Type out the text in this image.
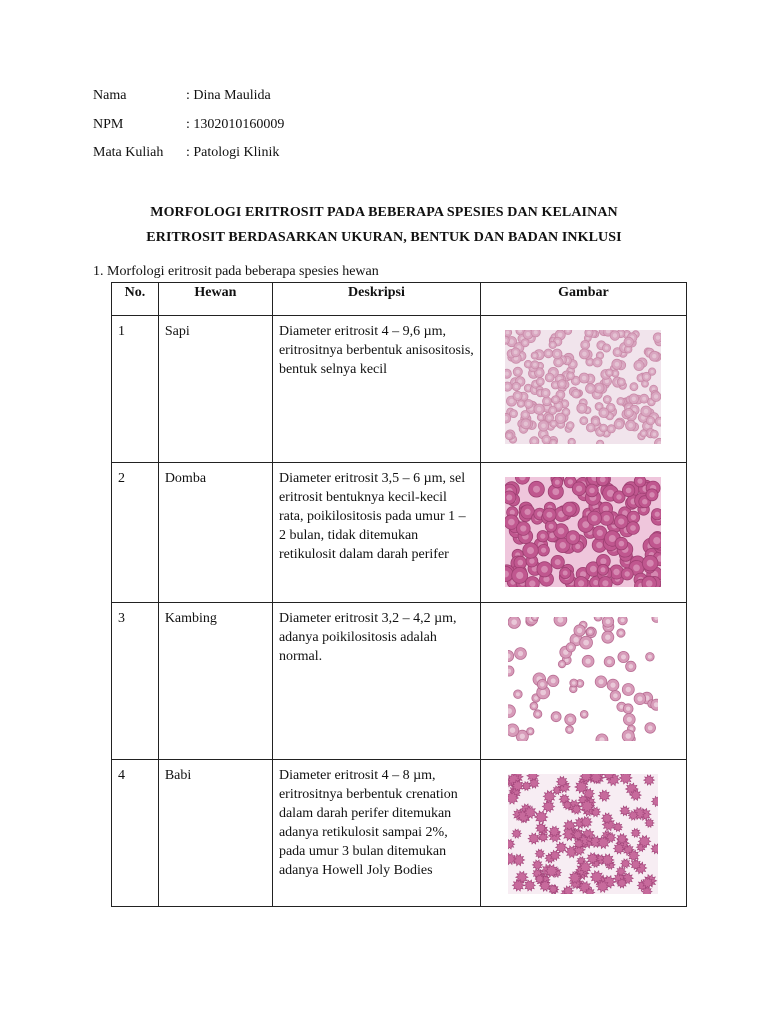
Nama	: Dina Maulida
NPM	: 1302010160009
Mata Kuliah : Patologi Klinik
MORFOLOGI ERITROSIT PADA BEBERAPA SPESIES DAN KELAINAN
ERITROSIT BERDASARKAN UKURAN, BENTUK DAN BADAN INKLUSI
1. Morfologi eritrosit pada beberapa spesies hewan
No.	Hewan	Deskripsi	Gambar
1	Sapi	Diameter eritrosit 4 – 9,6 µm, eritrositnya berbentuk anisositosis, bentuk selnya kecil	

2	Domba	Diameter eritrosit 3,5 – 6 µm, sel eritrosit bentuknya kecil-kecil rata, poikilositosis pada umur 1 – 2 bulan, tidak ditemukan retikulosit dalam darah perifer	

3	Kambing	Diameter eritrosit 3,2 – 4,2 µm, adanya poikilositosis adalah normal.	

4	Babi	Diameter eritrosit 4 – 8 µm, eritrositnya berbentuk crenation dalam darah perifer ditemukan adanya retikulosit sampai 2%, pada umur 3 bulan ditemukan adanya Howell Joly Bodies	
